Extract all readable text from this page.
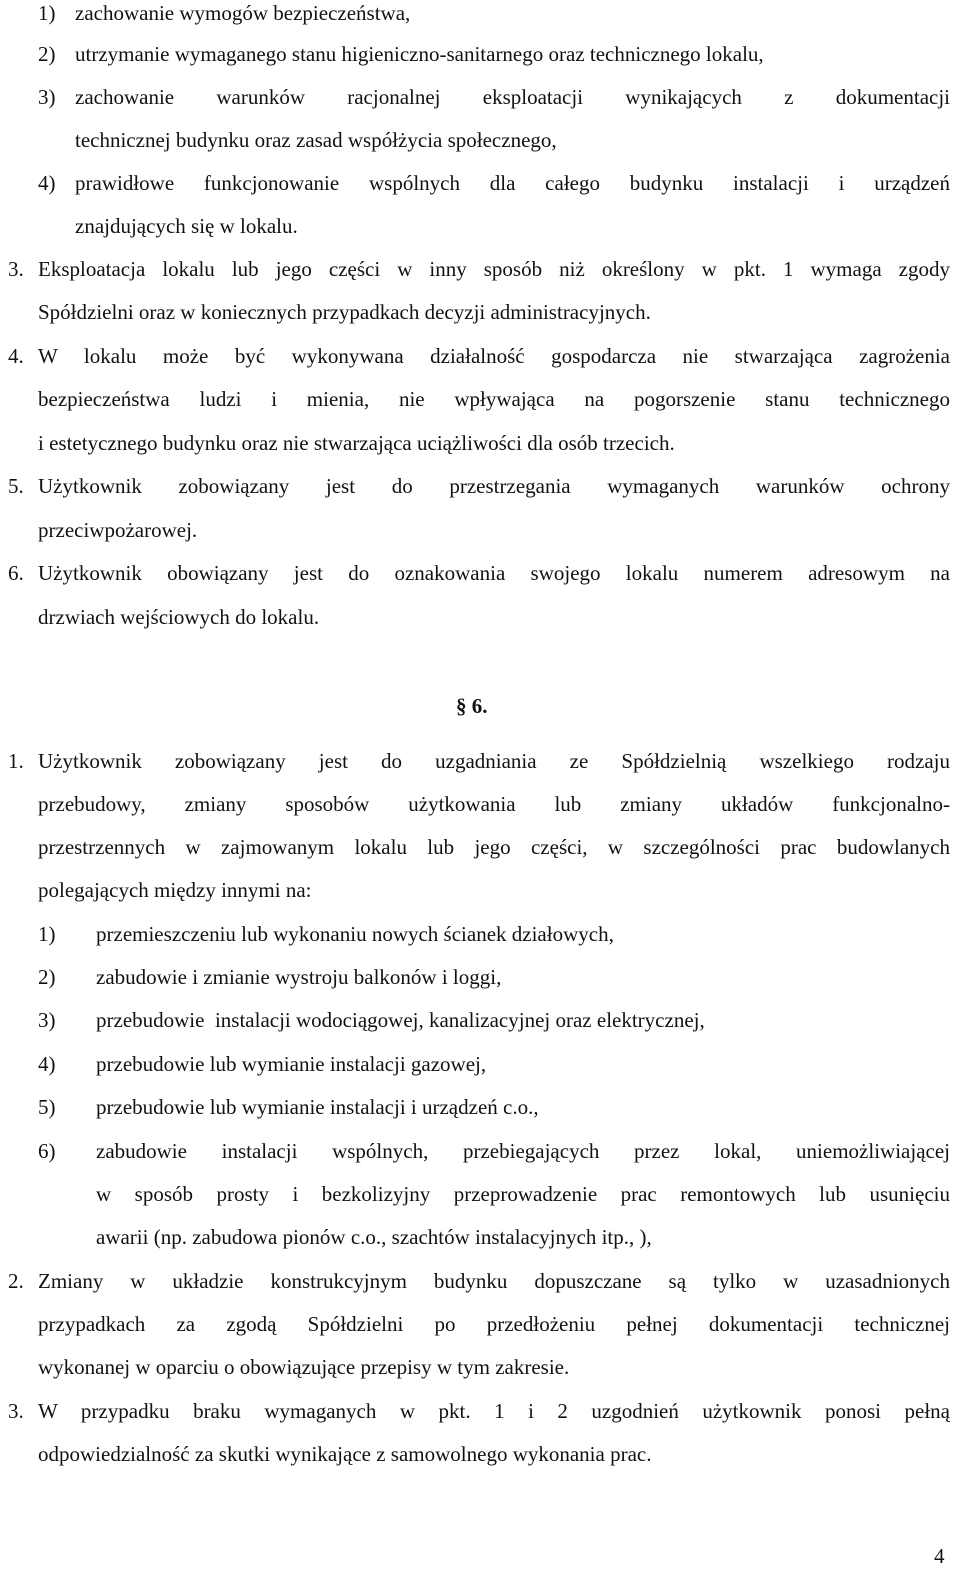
1) zachowanie wymogów bezpieczeństwa,
2) utrzymanie wymaganego stanu higieniczno-sanitarnego oraz technicznego lokalu,
3) zachowanie warunków racjonalnej eksploatacji wynikających z dokumentacji
technicznej budynku oraz zasad współżycia społecznego,
4) prawidłowe funkcjonowanie wspólnych dla całego budynku instalacji i urządzeń
znajdujących się w lokalu.
3. Eksploatacja lokalu lub jego części w inny sposób niż określony w pkt. 1 wymaga zgody
Spółdzielni oraz w koniecznych przypadkach decyzji administracyjnych.
4. W lokalu może być wykonywana działalność gospodarcza nie stwarzająca zagrożenia
bezpieczeństwa ludzi i mienia, nie wpływająca na pogorszenie stanu technicznego
i estetycznego budynku oraz nie stwarzająca uciążliwości dla osób trzecich.
5. Użytkownik zobowiązany jest do przestrzegania wymaganych warunków ochrony
przeciwpożarowej.
6. Użytkownik obowiązany jest do oznakowania swojego lokalu numerem adresowym na
drzwiach wejściowych do lokalu.
§ 6.
1. Użytkownik zobowiązany jest do uzgadniania ze Spółdzielnią wszelkiego rodzaju
przebudowy, zmiany sposobów użytkowania lub zmiany układów funkcjonalno-
przestrzennych w zajmowanym lokalu lub jego części, w szczególności prac budowlanych
polegających między innymi na:
1) przemieszczeniu lub wykonaniu nowych ścianek działowych,
2) zabudowie i zmianie wystroju balkonów i loggi,
3) przebudowie  instalacji wodociągowej, kanalizacyjnej oraz elektrycznej,
4) przebudowie lub wymianie instalacji gazowej,
5) przebudowie lub wymianie instalacji i urządzeń c.o.,
6) zabudowie instalacji wspólnych, przebiegających przez lokal, uniemożliwiającej
w sposób prosty i bezkolizyjny przeprowadzenie prac remontowych lub usunięciu
awarii (np. zabudowa pionów c.o., szachtów instalacyjnych itp., ),
2. Zmiany w układzie konstrukcyjnym budynku dopuszczane są tylko w uzasadnionych
przypadkach za zgodą Spółdzielni po przedłożeniu pełnej dokumentacji technicznej
wykonanej w oparciu o obowiązujące przepisy w tym zakresie.
3. W przypadku braku wymaganych w pkt. 1 i 2 uzgodnień użytkownik ponosi pełną
odpowiedzialność za skutki wynikające z samowolnego wykonania prac.
4
